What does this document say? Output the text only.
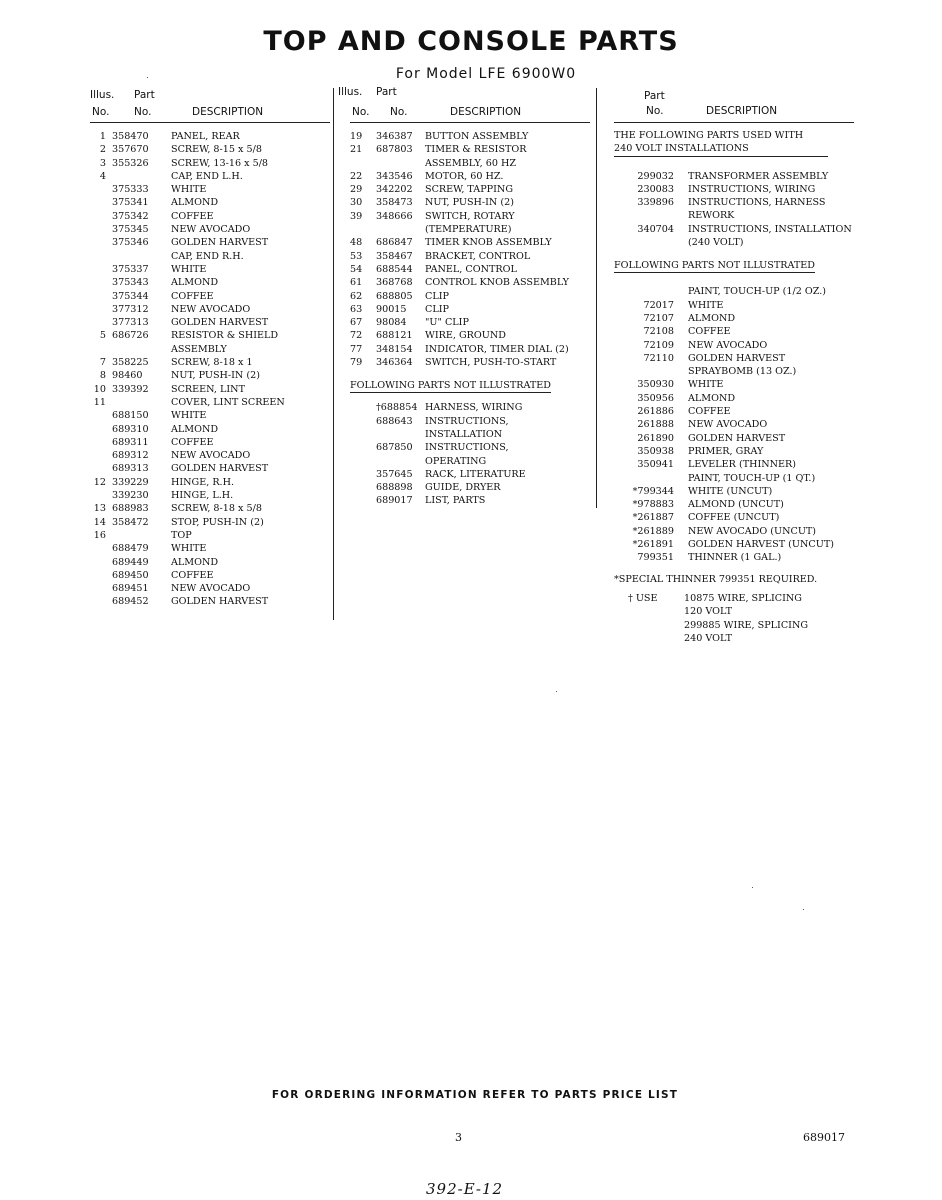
TOP AND CONSOLE PARTS
For Model LFE 6900W0
Illus. Part
No. No.	DESCRIPTION
1 358470 PANEL, REAR
2 357670 SCREW, 8-15 x 5/8
3 355326 SCREW, 13-16 x 5/8
4	CAP, END L.H.
375333 WHITE
375341 ALMOND
375342 COFFEE
375345 NEW AVOCADO
375346 GOLDEN HARVEST
CAP, END R.H.
375337 WHITE
375343 ALMOND
375344 COFFEE
377312 NEW AVOCADO
377313 GOLDEN HARVEST
5 686726 RESISTOR & SHIELD
ASSEMBLY
7 358225 SCREW, 8-18 x 1
8 98460	NUT, PUSH-IN (2)
10 339392 SCREEN, LINT
11	COVER, LINT SCREEN
688150 WHITE
689310 ALMOND
689311 COFFEE
689312 NEW AVOCADO
689313 GOLDEN HARVEST
12 339229 HINGE, R.H.
339230 HINGE, L.H.
13 688983 SCREW, 8-18 x 5/8
14 358472 STOP, PUSH-IN (2)
16	TOP
688479 WHITE
689449 ALMOND
689450 COFFEE
689451 NEW AVOCADO
689452 GOLDEN HARVEST
Illus. Part
No. No.	DESCRIPTION
19 346387 BUTTON ASSEMBLY
21 687803 TIMER & RESISTOR
ASSEMBLY, 60 HZ
22 343546 MOTOR, 60 HZ.
29 342202 SCREW, TAPPING
30 358473 NUT, PUSH-IN (2)
39 348666 SWITCH, ROTARY
(TEMPERATURE)
48 686847 TIMER KNOB ASSEMBLY
53 358467 BRACKET, CONTROL
54 688544 PANEL, CONTROL
61 368768 CONTROL KNOB ASSEMBLY
62 688805 CLIP
63 90015 CLIP
67 98084 "U" CLIP
72 688121 WIRE, GROUND
77 348154 INDICATOR, TIMER DIAL (2)
79 346364 SWITCH, PUSH-TO-START
FOLLOWING PARTS NOT ILLUSTRATED
†688854 HARNESS, WIRING
688643 INSTRUCTIONS,
INSTALLATION
687850 INSTRUCTIONS,
OPERATING
357645 RACK, LITERATURE
688898 GUIDE, DRYER
689017 LIST, PARTS
Part
No.	DESCRIPTION
THE FOLLOWING PARTS USED WITH
240 VOLT INSTALLATIONS
299032 TRANSFORMER ASSEMBLY
230083 INSTRUCTIONS, WIRING
339896 INSTRUCTIONS, HARNESS
REWORK
340704 INSTRUCTIONS, INSTALLATION
(240 VOLT)
FOLLOWING PARTS NOT ILLUSTRATED
PAINT, TOUCH-UP (1/2 OZ.)
72017 WHITE
72107 ALMOND
72108 COFFEE
72109 NEW AVOCADO
72110 GOLDEN HARVEST
SPRAYBOMB (13 OZ.)
350930 WHITE
350956 ALMOND
261886 COFFEE
261888 NEW AVOCADO
261890 GOLDEN HARVEST
350938 PRIMER, GRAY
350941 LEVELER (THINNER)
PAINT, TOUCH-UP (1 QT.)
*799344 WHITE (UNCUT)
*978883 ALMOND (UNCUT)
*261887 COFFEE (UNCUT)
*261889 NEW AVOCADO (UNCUT)
*261891 GOLDEN HARVEST (UNCUT)
799351 THINNER (1 GAL.)
*SPECIAL THINNER 799351 REQUIRED.
† USE	10875 WIRE, SPLICING
120 VOLT
299885 WIRE, SPLICING
240 VOLT
FOR ORDERING INFORMATION REFER TO PARTS PRICE LIST
3	689017
392-E-12
